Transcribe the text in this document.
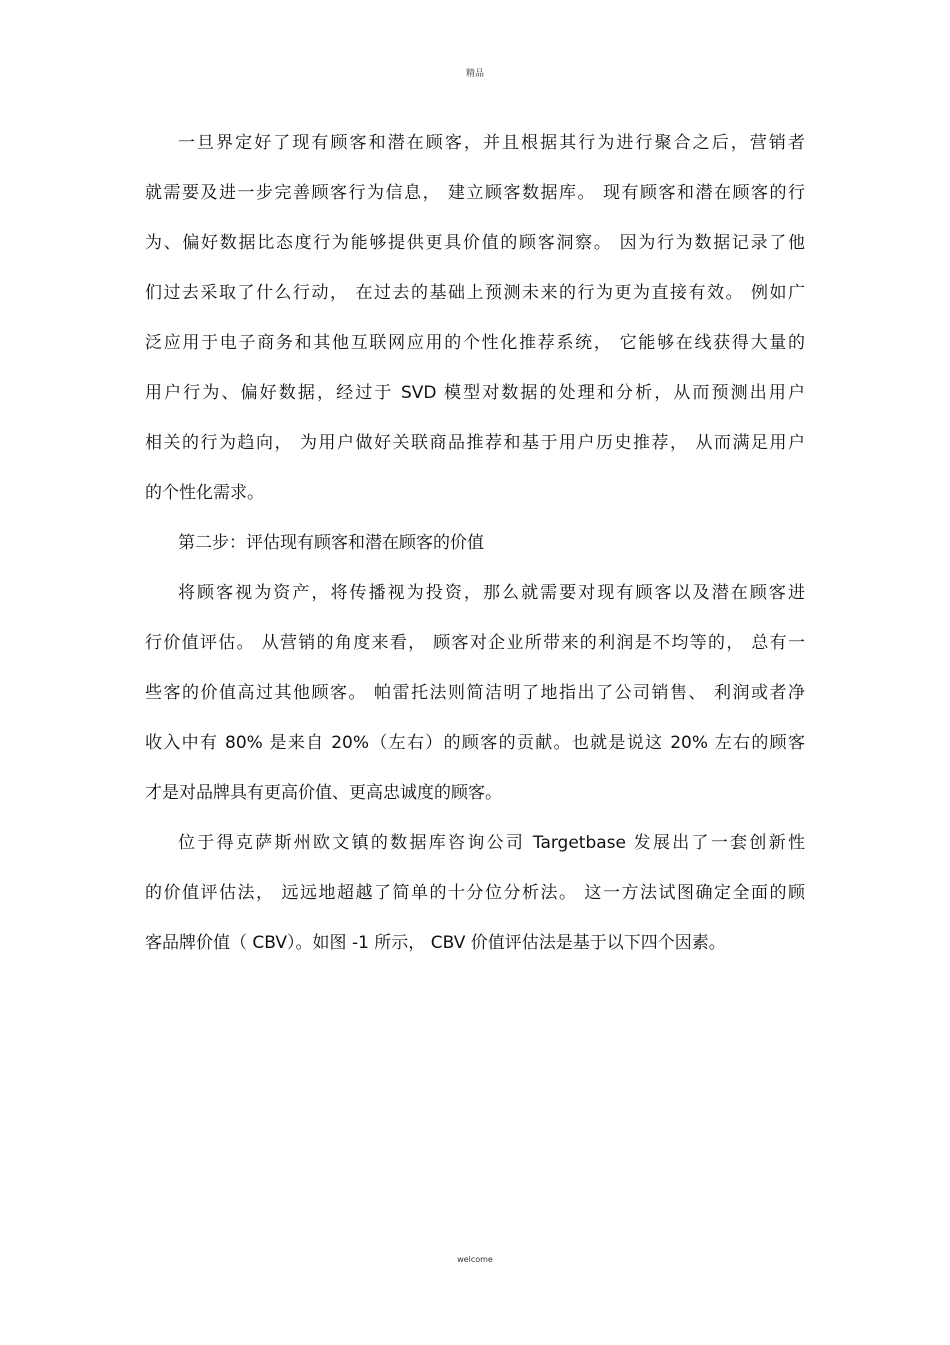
精品
一旦界定好了现有顾客和潜在顾客，并且根据其行为进行聚合之后，营销者
就需要及进一步完善顾客行为信息， 建立顾客数据库。 现有顾客和潜在顾客的行
为、偏好数据比态度行为能够提供更具价值的顾客洞察。 因为行为数据记录了他
们过去采取了什么行动， 在过去的基础上预测未来的行为更为直接有效。 例如广
泛应用于电子商务和其他互联网应用的个性化推荐系统， 它能够在线获得大量的
用户行为、偏好数据，经过于 SVD 模型对数据的处理和分析，从而预测出用户
相关的行为趋向， 为用户做好关联商品推荐和基于用户历史推荐， 从而满足用户
的个性化需求。
第二步：评估现有顾客和潜在顾客的价值
将顾客视为资产，将传播视为投资，那么就需要对现有顾客以及潜在顾客进
行价值评估。 从营销的角度来看， 顾客对企业所带来的利润是不均等的， 总有一
些客的价值高过其他顾客。 帕雷托法则简洁明了地指出了公司销售、 利润或者净
收入中有 80% 是来自 20%（左右）的顾客的贡献。也就是说这 20% 左右的顾客
才是对品牌具有更高价值、更高忠诚度的顾客。
位于得克萨斯州欧文镇的数据库咨询公司 Targetbase 发展出了一套创新性
的价值评估法， 远远地超越了简单的十分位分析法。 这一方法试图确定全面的顾
客品牌价值（ CBV）。如图 -1 所示， CBV 价值评估法是基于以下四个因素。
welcome
